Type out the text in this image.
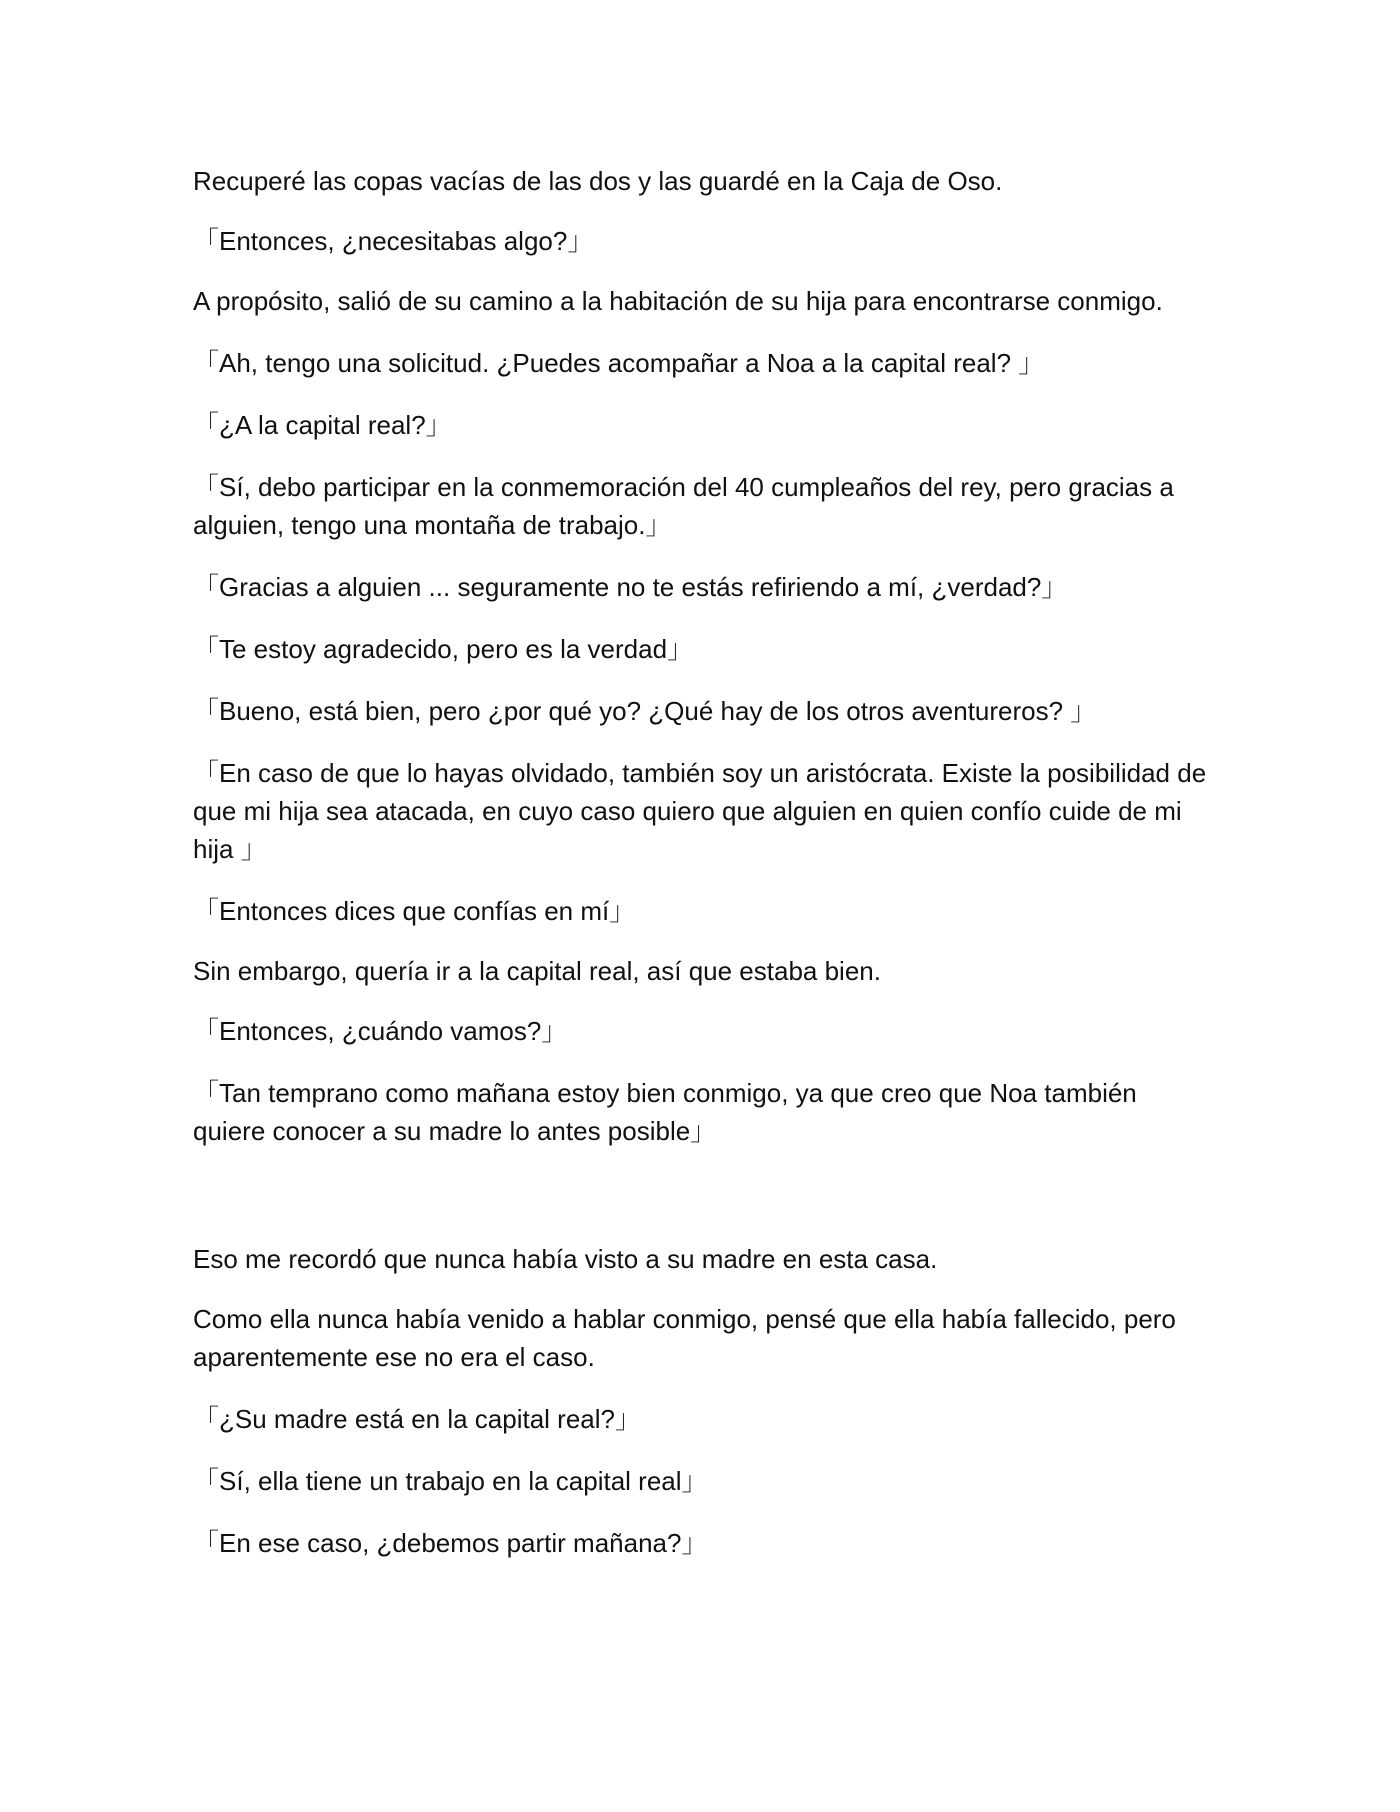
Recuperé las copas vacías de las dos y las guardé en la Caja de Oso.

「Entonces, ¿necesitabas algo?」

A propósito, salió de su camino a la habitación de su hija para encontrarse conmigo.

「Ah, tengo una solicitud. ¿Puedes acompañar a Noa a la capital real? 」

「¿A la capital real?」

「Sí, debo participar en la conmemoración del 40 cumpleaños del rey, pero gracias a alguien, tengo una montaña de trabajo.」

「Gracias a alguien ... seguramente no te estás refiriendo a mí, ¿verdad?」

「Te estoy agradecido, pero es la verdad」

「Bueno, está bien, pero ¿por qué yo? ¿Qué hay de los otros aventureros? 」

「En caso de que lo hayas olvidado, también soy un aristócrata. Existe la posibilidad de que mi hija sea atacada, en cuyo caso quiero que alguien en quien confío cuide de mi hija 」

「Entonces dices que confías en mí」

Sin embargo, quería ir a la capital real, así que estaba bien.

「Entonces, ¿cuándo vamos?」

「Tan temprano como mañana estoy bien conmigo, ya que creo que Noa también quiere conocer a su madre lo antes posible」

Eso me recordó que nunca había visto a su madre en esta casa.

Como ella nunca había venido a hablar conmigo, pensé que ella había fallecido, pero aparentemente ese no era el caso.

「¿Su madre está en la capital real?」

「Sí, ella tiene un trabajo en la capital real」

「En ese caso, ¿debemos partir mañana?」
